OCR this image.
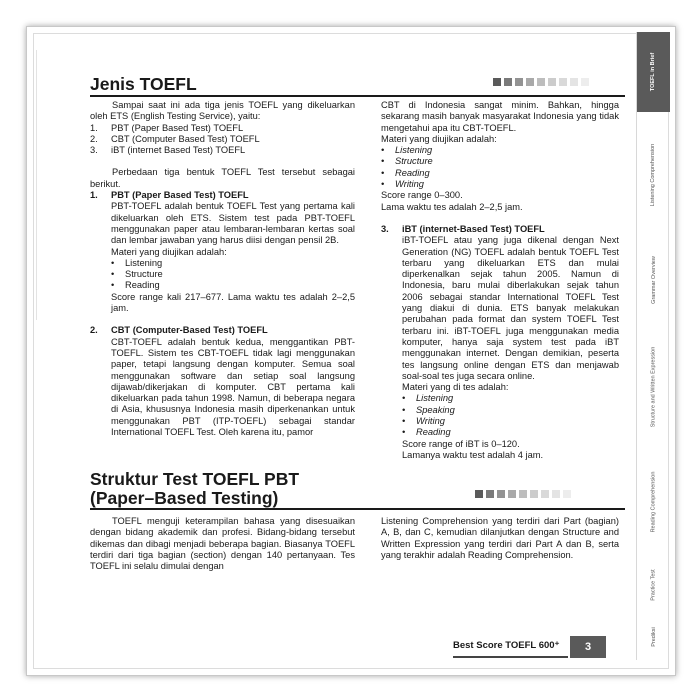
Jenis TOEFL

Sampai saat ini ada tiga jenis TOEFL yang dikeluarkan oleh ETS (English Testing Service), yaitu:

1.	PBT (Paper Based Test) TOEFL
2.	CBT (Computer Based Test) TOEFL
3.	iBT (internet Based Test) TOEFL

Perbedaan tiga bentuk TOEFL Test tersebut sebagai berikut.

1.	PBT (Paper Based Test) TOEFL

PBT-TOEFL adalah bentuk TOEFL Test yang pertama kali dikeluarkan oleh ETS. Sistem test pada PBT-TOEFL menggunakan paper atau lembaran-lembaran kertas soal dan lembar jawaban yang harus diisi dengan pensil 2B.

Materi yang diujikan adalah:

•	Listening
•	Structure
•	Reading

Score range kali 217–677. Lama waktu tes adalah 2–2,5 jam.

2.	CBT (Computer-Based Test) TOEFL

CBT-TOEFL adalah bentuk kedua, menggantikan PBT-TOEFL. Sistem tes CBT-TOEFL tidak lagi menggunakan paper, tetapi langsung dengan komputer. Semua soal menggunakan software dan setiap soal langsung dijawab/dikerjakan di komputer. CBT pertama kali dikeluarkan pada tahun 1998. Namun, di beberapa negara di Asia, khususnya Indonesia masih diperkenankan untuk menggunakan PBT (ITP-TOEFL) sebagai standar International TOEFL Test. Oleh karena itu, pamor

CBT di Indonesia sangat minim. Bahkan, hingga sekarang masih banyak masyarakat Indonesia yang tidak mengetahui apa itu CBT-TOEFL.

Materi yang diujikan adalah:

•	Listening
•	Structure
•	Reading
•	Writing

Score range 0–300.

Lama waktu tes adalah 2–2,5 jam.

3.	iBT (internet-Based Test) TOEFL

iBT-TOEFL atau yang juga dikenal dengan Next Generation (NG) TOEFL adalah bentuk TOEFL Test terbaru yang dikeluarkan ETS dan mulai diperkenalkan sejak tahun 2005. Namun di Indonesia, baru mulai diberlakukan sejak tahun 2006 sebagai standar International TOEFL Test yang diakui di dunia. ETS banyak melakukan perubahan pada format dan system TOEFL Test terbaru ini. iBT-TOEFL juga menggunakan media komputer, hanya saja system test pada iBT menggunakan internet. Dengan demikian, peserta tes langsung online dengan ETS dan menjawab soal-soal tes juga secara online.

Materi yang di tes adalah:

•	Listening
•	Speaking
•	Writing
•	Reading

Score range of iBT is 0–120.

Lamanya waktu test adalah 4 jam.

Struktur Test TOEFL PBT
(Paper–Based Testing)

TOEFL menguji keterampilan bahasa yang disesuaikan dengan bidang akademik dan profesi. Bidang-bidang tersebut dikemas dan dibagi menjadi beberapa bagian. Biasanya TOEFL terdiri dari tiga bagian (section) dengan 140 pertanyaan. Tes TOEFL ini selalu dimulai dengan

Listening Comprehension yang terdiri dari Part (bagian) A, B, dan C, kemudian dilanjutkan dengan Structure and Written Expression yang terdiri dari Part A dan B, serta yang terakhir adalah Reading Comprehension.

TOEFL in Brief
Listening Comprehension
Grammar Overview
Structure and Written Expression
Reading Comprehension
Practice Test
Prediksi
Best Score TOEFL 600⁺	3
